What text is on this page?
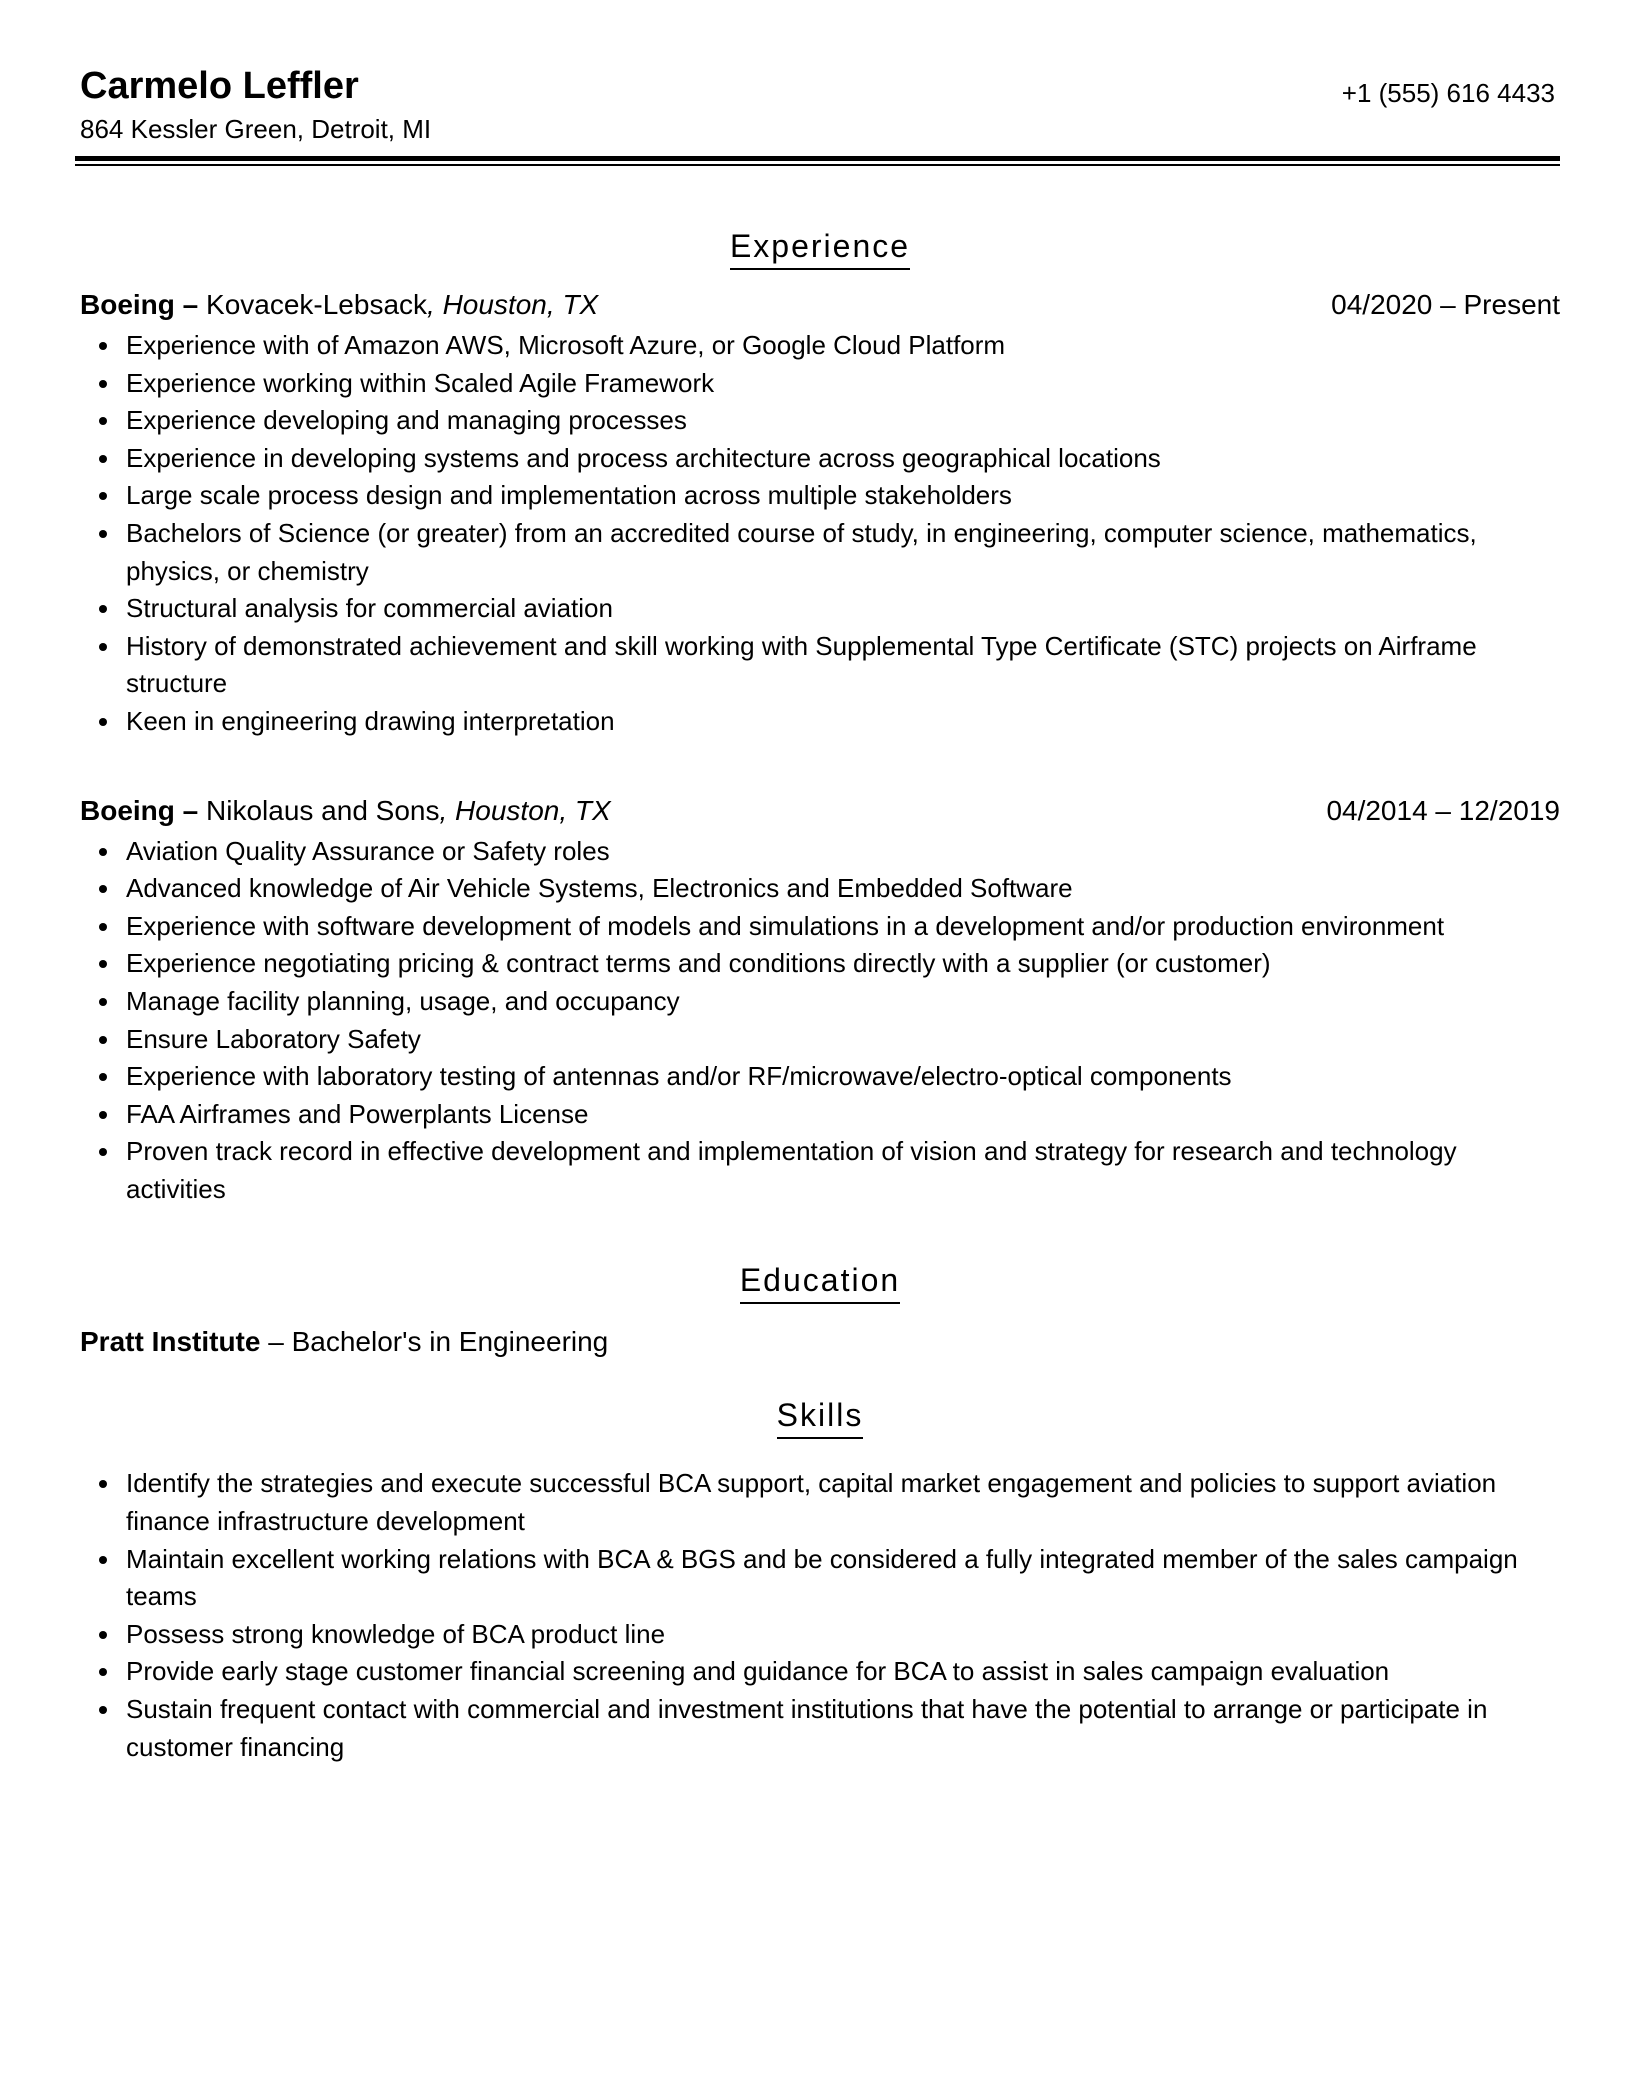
Carmelo Leffler
864 Kessler Green, Detroit, MI
+1 (555) 616 4433
Experience
Boeing – Kovacek-Lebsack, Houston, TX	04/2020 – Present
Experience with of Amazon AWS, Microsoft Azure, or Google Cloud Platform
Experience working within Scaled Agile Framework
Experience developing and managing processes
Experience in developing systems and process architecture across geographical locations
Large scale process design and implementation across multiple stakeholders
Bachelors of Science (or greater) from an accredited course of study, in engineering, computer science, mathematics, physics, or chemistry
Structural analysis for commercial aviation
History of demonstrated achievement and skill working with Supplemental Type Certificate (STC) projects on Airframe structure
Keen in engineering drawing interpretation
Boeing – Nikolaus and Sons, Houston, TX	04/2014 – 12/2019
Aviation Quality Assurance or Safety roles
Advanced knowledge of Air Vehicle Systems, Electronics and Embedded Software
Experience with software development of models and simulations in a development and/or production environment
Experience negotiating pricing & contract terms and conditions directly with a supplier (or customer)
Manage facility planning, usage, and occupancy
Ensure Laboratory Safety
Experience with laboratory testing of antennas and/or RF/microwave/electro-optical components
FAA Airframes and Powerplants License
Proven track record in effective development and implementation of vision and strategy for research and technology activities
Education
Pratt Institute – Bachelor's in Engineering
Skills
Identify the strategies and execute successful BCA support, capital market engagement and policies to support aviation finance infrastructure development
Maintain excellent working relations with BCA & BGS and be considered a fully integrated member of the sales campaign teams
Possess strong knowledge of BCA product line
Provide early stage customer financial screening and guidance for BCA to assist in sales campaign evaluation
Sustain frequent contact with commercial and investment institutions that have the potential to arrange or participate in customer financing
